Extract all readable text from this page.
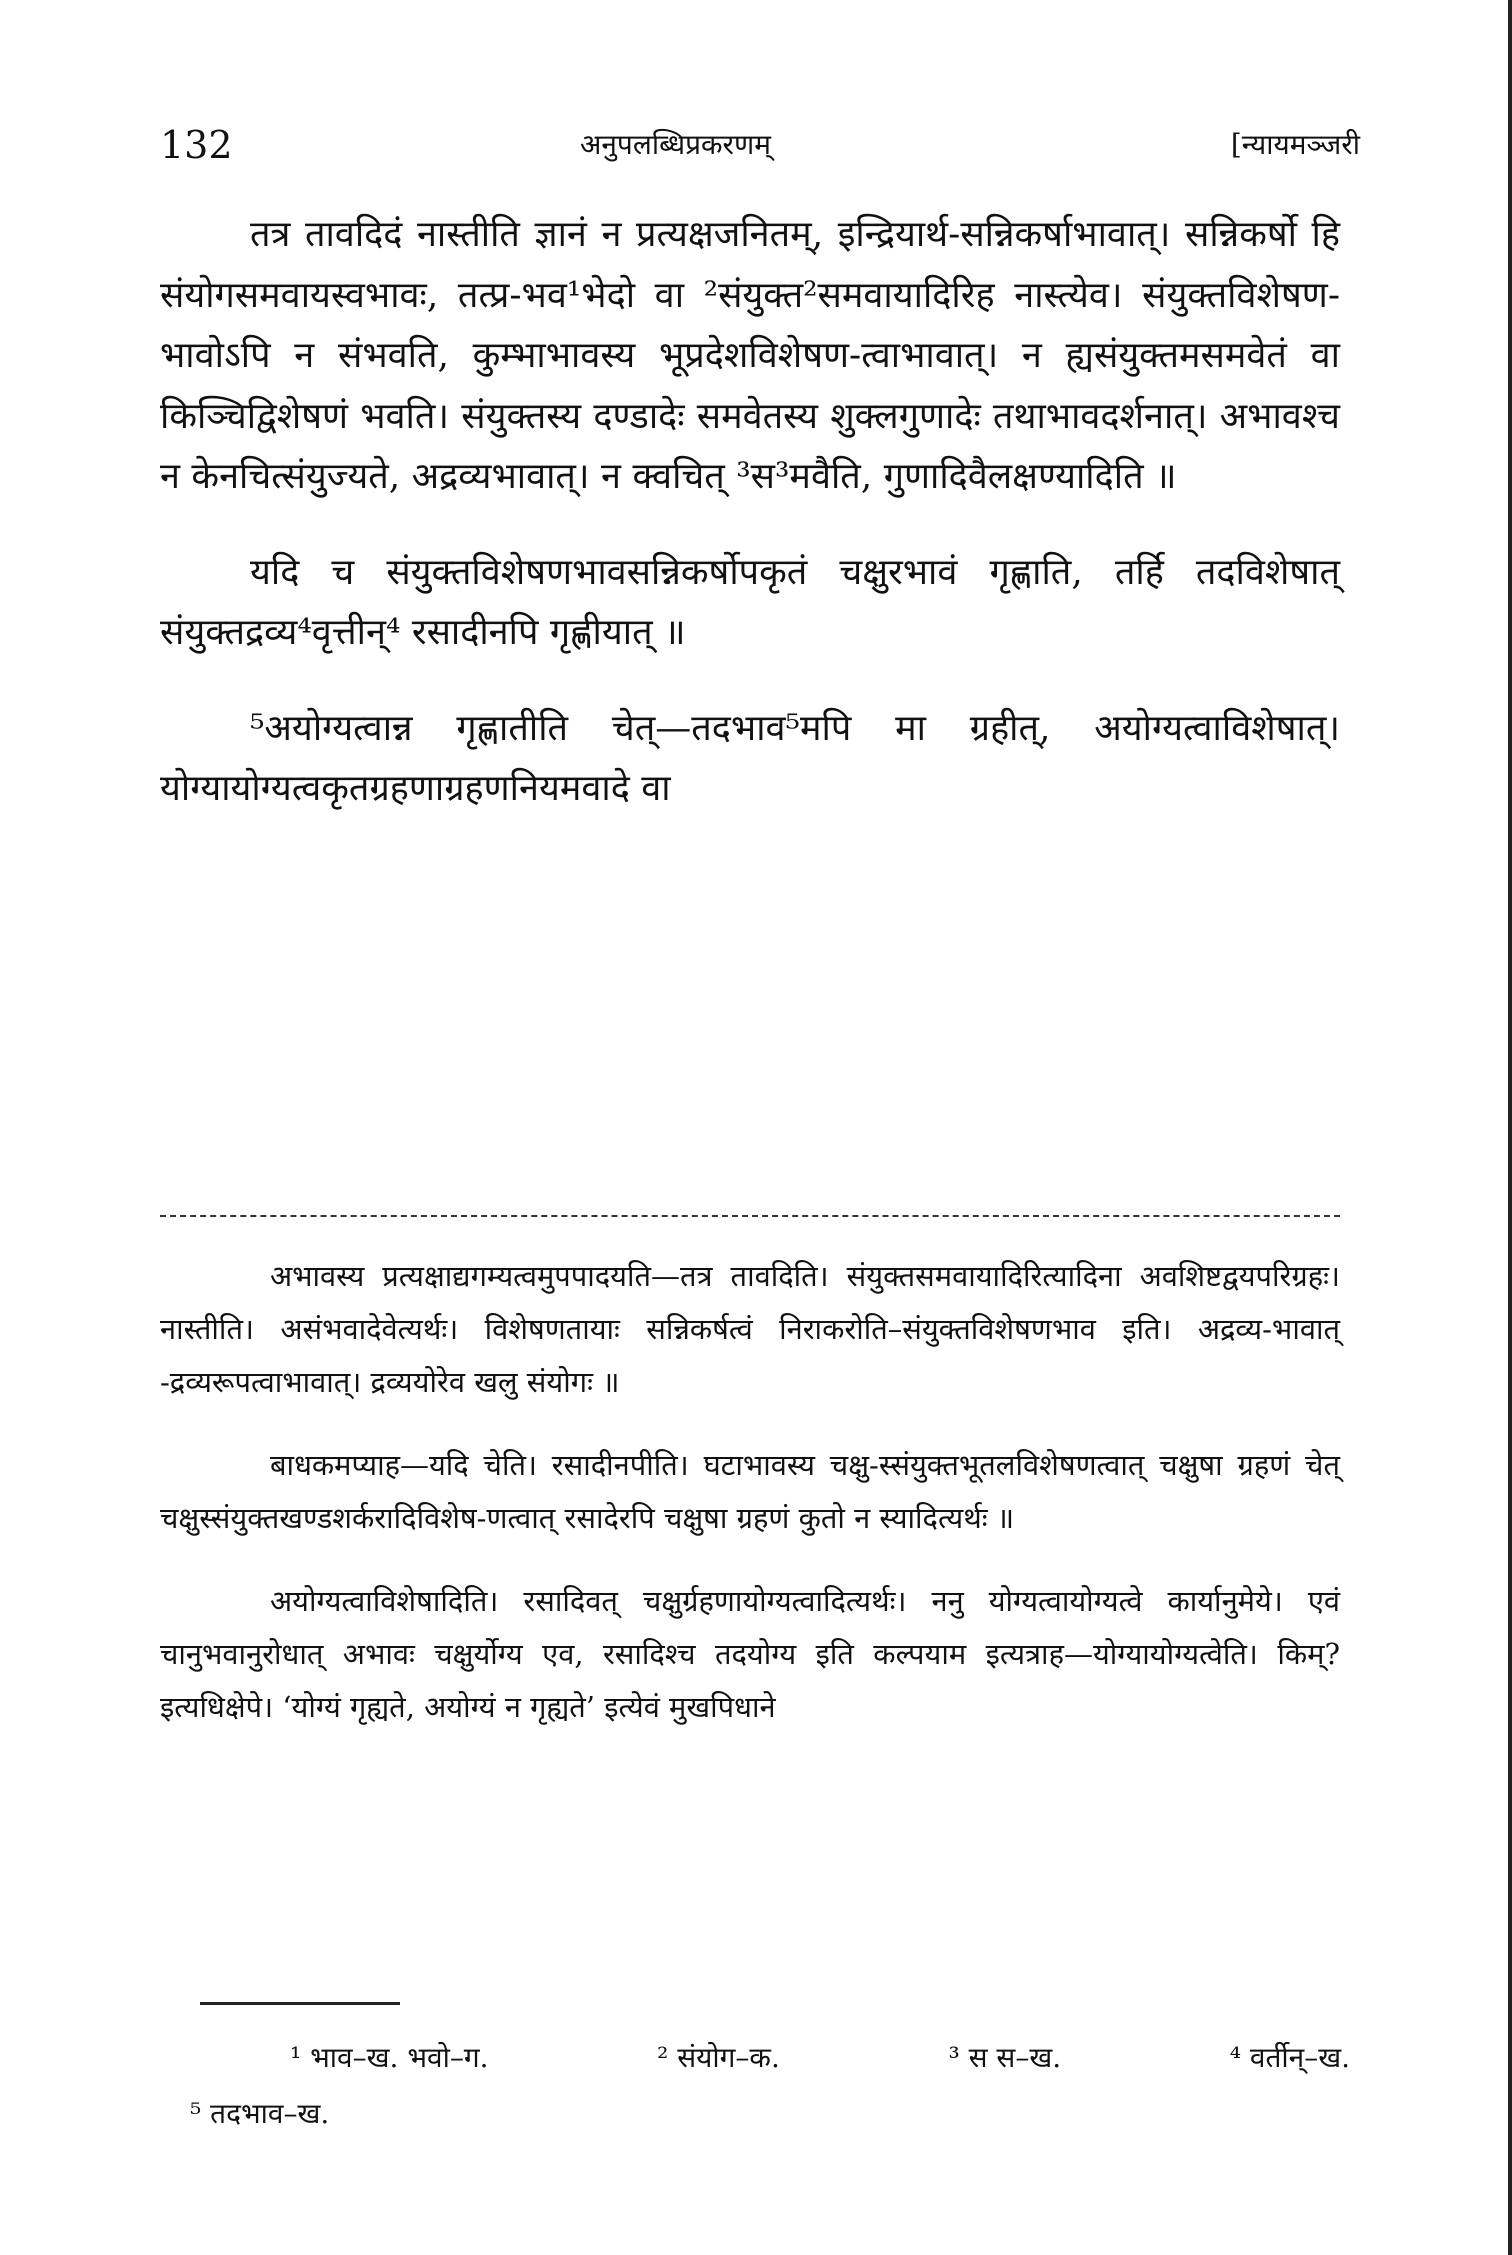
132	अनुपलब्धिप्रकरणम्	[न्यायमञ्जरी

तत्र तावदिदं नास्तीति ज्ञानं न प्रत्यक्षजनितम्, इन्द्रियार्थ-सन्निकर्षाभावात्। सन्निकर्षो हि संयोगसमवायस्वभावः, तत्प्र-भव¹भेदो वा ²संयुक्त²समवायादिरिह नास्त्येव। संयुक्तविशेषण-भावोऽपि न संभवति, कुम्भाभावस्य भूप्रदेशविशेषण-त्वाभावात्। न ह्यसंयुक्तमसमवेतं वा किञ्चिद्विशेषणं भवति। संयुक्तस्य दण्डादेः समवेतस्य शुक्लगुणादेः तथाभावदर्शनात्। अभावश्च न केनचित्संयुज्यते, अद्रव्यभावात्। न क्वचित् ³स³मवैति, गुणादिवैलक्षण्यादिति ॥

यदि च संयुक्तविशेषणभावसन्निकर्षोपकृतं चक्षुरभावं गृह्णाति, तर्हि तदविशेषात् संयुक्तद्रव्य⁴वृत्तीन्⁴ रसादीनपि गृह्णीयात् ॥

⁵अयोग्यत्वान्न गृह्णातीति चेत्—तदभाव⁵मपि मा ग्रहीत्, अयोग्यत्वाविशेषात्। योग्यायोग्यत्वकृतग्रहणाग्रहणनियमवादे वा

अभावस्य प्रत्यक्षाद्यगम्यत्वमुपपादयति—तत्र तावदिति। संयुक्तसमवायादिरित्यादिना अवशिष्टद्वयपरिग्रहः। नास्तीति। असंभवादेवेत्यर्थः। विशेषणतायाः सन्निकर्षत्वं निराकरोति–संयुक्तविशेषणभाव इति। अद्रव्य-भावात् -द्रव्यरूपत्वाभावात्। द्रव्ययोरेव खलु संयोगः ॥

बाधकमप्याह—यदि चेति। रसादीनपीति। घटाभावस्य चक्षु-स्संयुक्तभूतलविशेषणत्वात् चक्षुषा ग्रहणं चेत् चक्षुस्संयुक्तखण्डशर्करादिविशेष-णत्वात् रसादेरपि चक्षुषा ग्रहणं कुतो न स्यादित्यर्थः ॥

अयोग्यत्वाविशेषादिति। रसादिवत् चक्षुर्ग्रहणायोग्यत्वादित्यर्थः। ननु योग्यत्वायोग्यत्वे कार्यानुमेये। एवं चानुभवानुरोधात् अभावः चक्षुर्योग्य एव, रसादिश्च तदयोग्य इति कल्पयाम इत्यत्राह—योग्यायोग्यत्वेति। किम्? इत्यधिक्षेपे। ‘योग्यं गृह्यते, अयोग्यं न गृह्यते’ इत्येवं मुखपिधाने

¹ भाव–ख. भवो–ग.	² संयोग–क.	³ स स–ख.	⁴ वर्तीन्–ख.
⁵ तदभाव–ख.
